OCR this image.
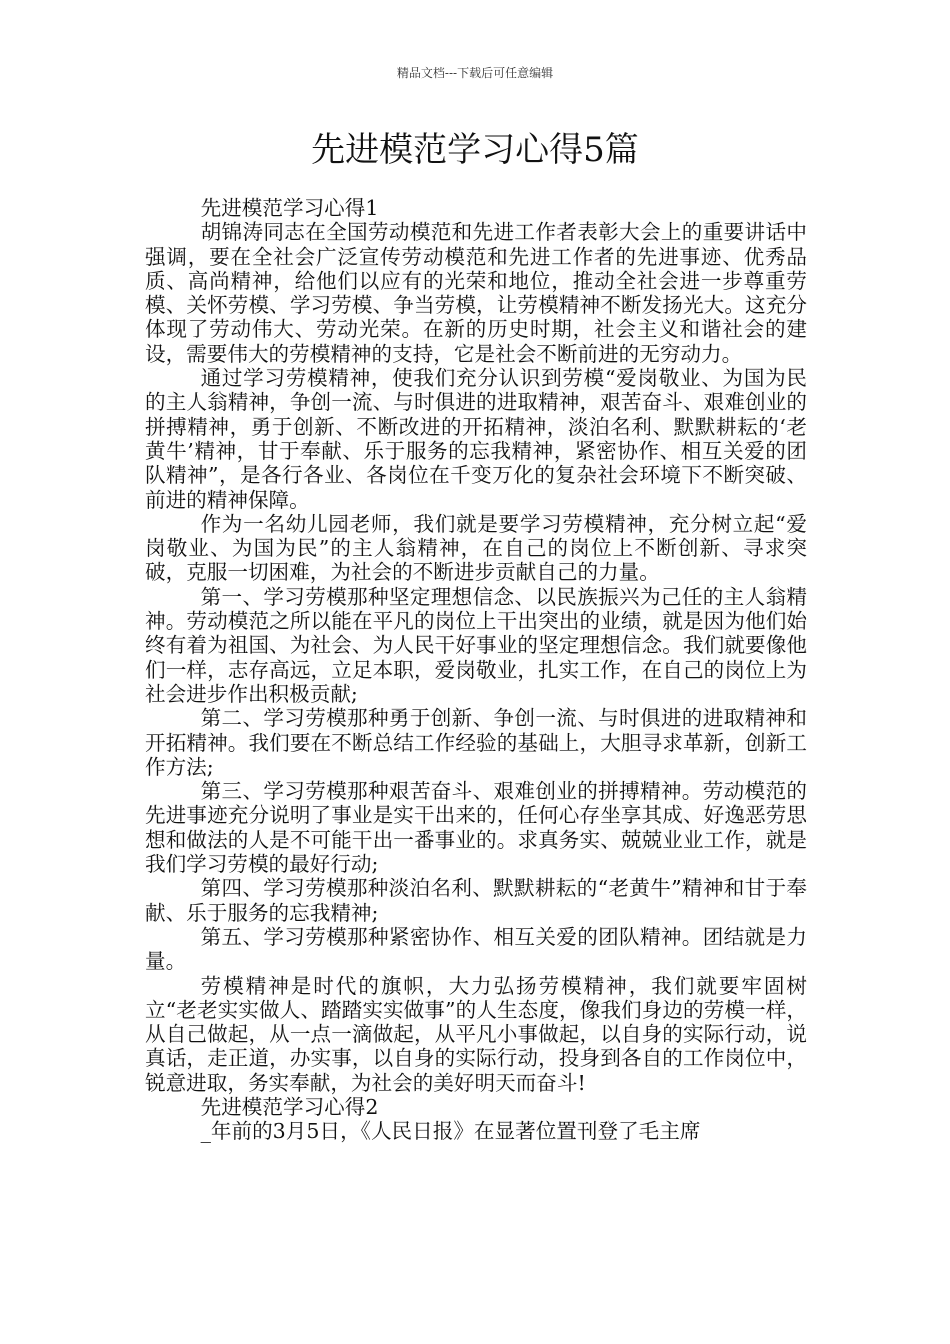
精品文档---下载后可任意编辑
先进模范学习心得5篇

先进模范学习心得1

胡锦涛同志在全国劳动模范和先进工作者表彰大会上的重要讲话中强调，要在全社会广泛宣传劳动模范和先进工作者的先进事迹、优秀品质、高尚精神，给他们以应有的光荣和地位，推动全社会进一步尊重劳模、关怀劳模、学习劳模、争当劳模，让劳模精神不断发扬光大。这充分体现了劳动伟大、劳动光荣。在新的历史时期，社会主义和谐社会的建设，需要伟大的劳模精神的支持，它是社会不断前进的无穷动力。

通过学习劳模精神，使我们充分认识到劳模“爱岗敬业、为国为民的主人翁精神，争创一流、与时俱进的进取精神，艰苦奋斗、艰难创业的拼搏精神，勇于创新、不断改进的开拓精神，淡泊名利、默默耕耘的‘老黄牛’精神，甘于奉献、乐于服务的忘我精神，紧密协作、相互关爱的团队精神”，是各行各业、各岗位在千变万化的复杂社会环境下不断突破、前进的精神保障。

作为一名幼儿园老师，我们就是要学习劳模精神，充分树立起“爱岗敬业、为国为民”的主人翁精神，在自己的岗位上不断创新、寻求突破，克服一切困难，为社会的不断进步贡献自己的力量。

第一、学习劳模那种坚定理想信念、以民族振兴为己任的主人翁精神。劳动模范之所以能在平凡的岗位上干出突出的业绩，就是因为他们始终有着为祖国、为社会、为人民干好事业的坚定理想信念。我们就要像他们一样，志存高远，立足本职，爱岗敬业，扎实工作，在自己的岗位上为社会进步作出积极贡献;

第二、学习劳模那种勇于创新、争创一流、与时俱进的进取精神和开拓精神。我们要在不断总结工作经验的基础上，大胆寻求革新，创新工作方法;

第三、学习劳模那种艰苦奋斗、艰难创业的拼搏精神。劳动模范的先进事迹充分说明了事业是实干出来的，任何心存坐享其成、好逸恶劳思想和做法的人是不可能干出一番事业的。求真务实、兢兢业业工作，就是我们学习劳模的最好行动;

第四、学习劳模那种淡泊名利、默默耕耘的“老黄牛”精神和甘于奉献、乐于服务的忘我精神;

第五、学习劳模那种紧密协作、相互关爱的团队精神。团结就是力量。

劳模精神是时代的旗帜，大力弘扬劳模精神，我们就要牢固树立“老老实实做人、踏踏实实做事”的人生态度，像我们身边的劳模一样，从自己做起，从一点一滴做起，从平凡小事做起，以自身的实际行动，说真话，走正道，办实事，以自身的实际行动，投身到各自的工作岗位中，锐意进取，务实奉献，为社会的美好明天而奋斗!

先进模范学习心得2

_年前的3月5日，《人民日报》在显著位置刊登了毛主席
